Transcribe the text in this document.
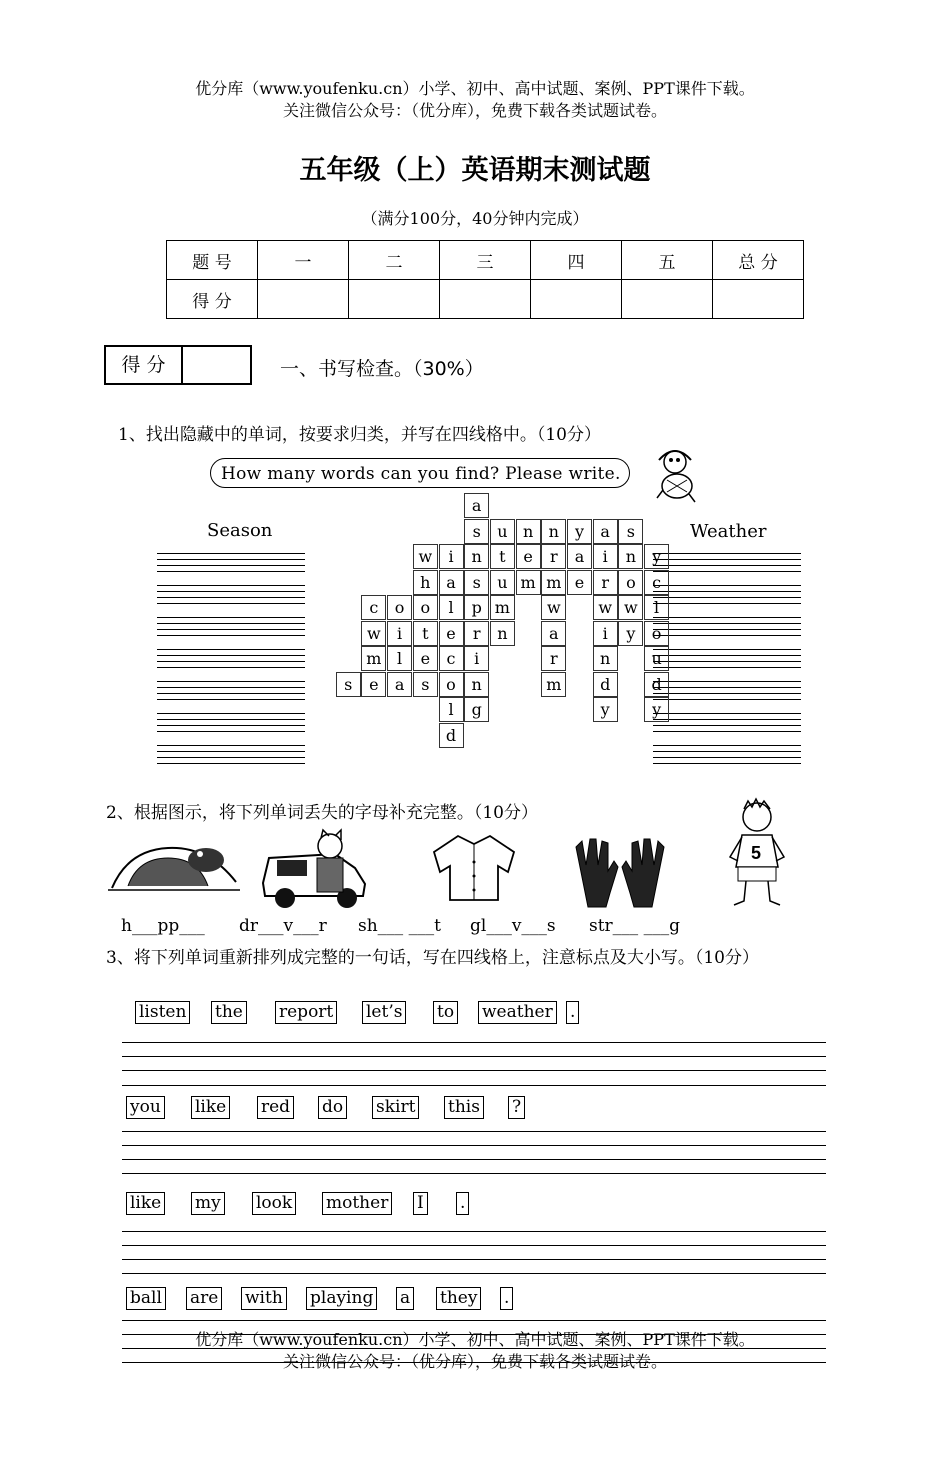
优分库（www.youfenku.cn）小学、初中、高中试题、案例、PPT课件下载。
关注微信公众号：（优分库），免费下载各类试题试卷。
五年级（上）英语期末测试题
（满分100分，40分钟内完成）
题 号	一	二	三	四	五	总 分
得 分						
得 分	一、书写检查。（30%）
1、找出隐藏中的单词，按要求归类，并写在四线格中。（10分）
How many words can you find? Please write.
Season	Weather
a
s	u n n	y	a	s
w	i	n	t	e	r	a	i	n	y
h a	s	u m m e	r	o	c
c	o	o	l	p m	w	w w	l
w	i	t	e	r	n	a	i	y	o
m l	e	c	i	r	n	u
s	e	a	s	o n	m	d	d
l	g	y	y
d
2、根据图示，将下列单词丢失的字母补充完整。（10分）
5
h___pp___ dr___v___r sh___ ___t gl___v___s str___ ___g
3、将下列单词重新排列成完整的一句话，写在四线格上，注意标点及大小写。（10分）
listen the report let’s to weather .
you like red do skirt this ?
like my look mother I .
ball are with playing a they .
优分库（www.youfenku.cn）小学、初中、高中试题、案例、PPT课件下载。
关注微信公众号：（优分库），免费下载各类试题试卷。
